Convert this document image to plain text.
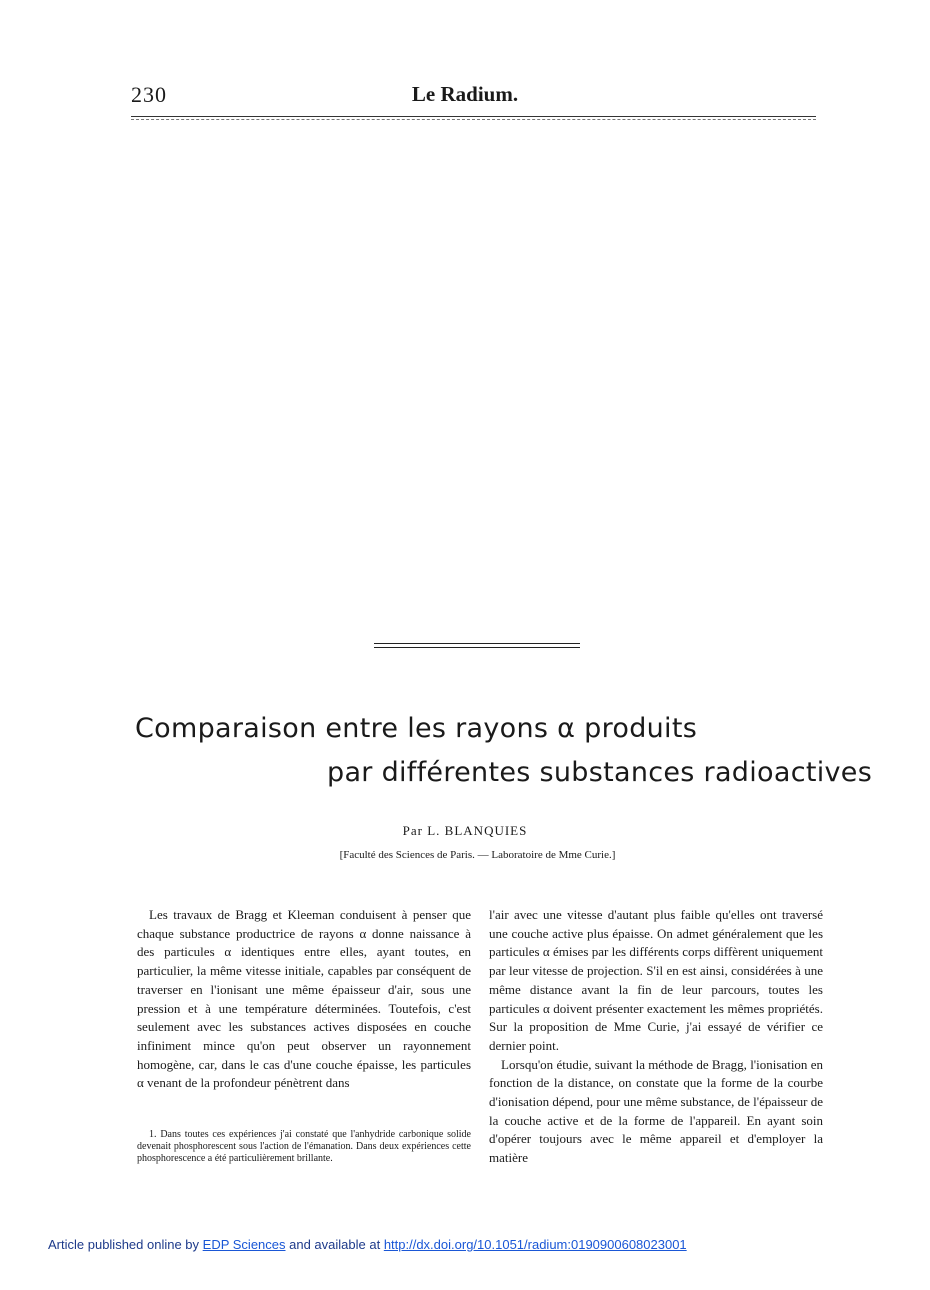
230	Le Radium.
Comparaison entre les rayons α produits
par différentes substances radioactives
Par L. BLANQUIES
[Faculté des Sciences de Paris. — Laboratoire de Mme Curie.]

Les travaux de Bragg et Kleeman conduisent à penser que chaque substance productrice de rayons α donne naissance à des particules α identiques entre elles, ayant toutes, en particulier, la même vitesse initiale, capables par conséquent de traverser en l'ionisant une même épaisseur d'air, sous une pression et à une température déterminées. Toutefois, c'est seulement avec les substances actives disposées en couche infiniment mince qu'on peut observer un rayonnement homogène, car, dans le cas d'une couche épaisse, les particules α venant de la profondeur pénètrent dans

l'air avec une vitesse d'autant plus faible qu'elles ont traversé une couche active plus épaisse. On admet généralement que les particules α émises par les différents corps diffèrent uniquement par leur vitesse de projection. S'il en est ainsi, considérées à une même distance avant la fin de leur parcours, toutes les particules α doivent présenter exactement les mêmes propriétés. Sur la proposition de Mme Curie, j'ai essayé de vérifier ce dernier point.

Lorsqu'on étudie, suivant la méthode de Bragg, l'ionisation en fonction de la distance, on constate que la forme de la courbe d'ionisation dépend, pour une même substance, de l'épaisseur de la couche active et de la forme de l'appareil. En ayant soin d'opérer toujours avec le même appareil et d'employer la matière

1. Dans toutes ces expériences j'ai constaté que l'anhydride carbonique solide devenait phosphorescent sous l'action de l'émanation. Dans deux expériences cette phosphorescence a été particulièrement brillante.

Article published online by EDP Sciences and available at http://dx.doi.org/10.1051/radium:0190900608023001
